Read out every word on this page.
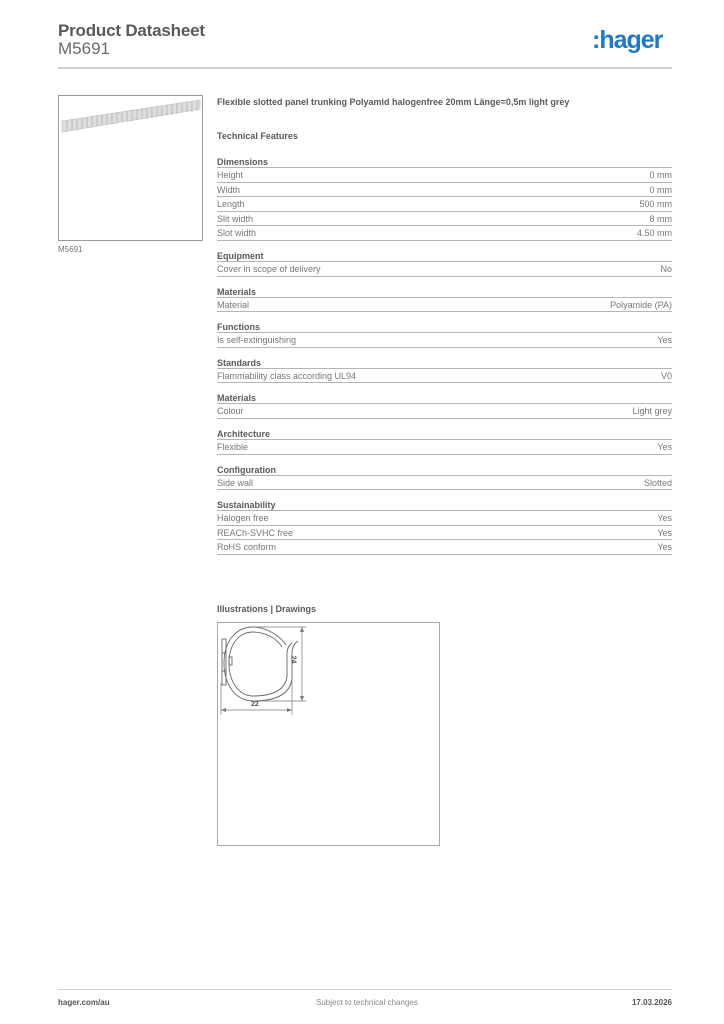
Product Datasheet
M5691	:hager
M5691
Flexible slotted panel trunking Polyamid halogenfree 20mm Länge=0,5m light grey
Technical Features
Dimensions
Height	0 mm
Width	0 mm
Length	500 mm
Slit width	8 mm
Slot width	4.50 mm
Equipment
Cover in scope of delivery	No
Materials
Material	Polyamide (PA)
Functions
Is self-extinguishing	Yes
Standards
Flammability class according UL94	V0
Materials
Colour	Light grey
Architecture
Flexible	Yes
Configuration
Side wall	Slotted
Sustainability
Halogen free	Yes
REACh-SVHC free	Yes
RoHS conform	Yes
Illustrations | Drawings
24
22
hager.com/au	Subject to technical changes	17.03.2026
